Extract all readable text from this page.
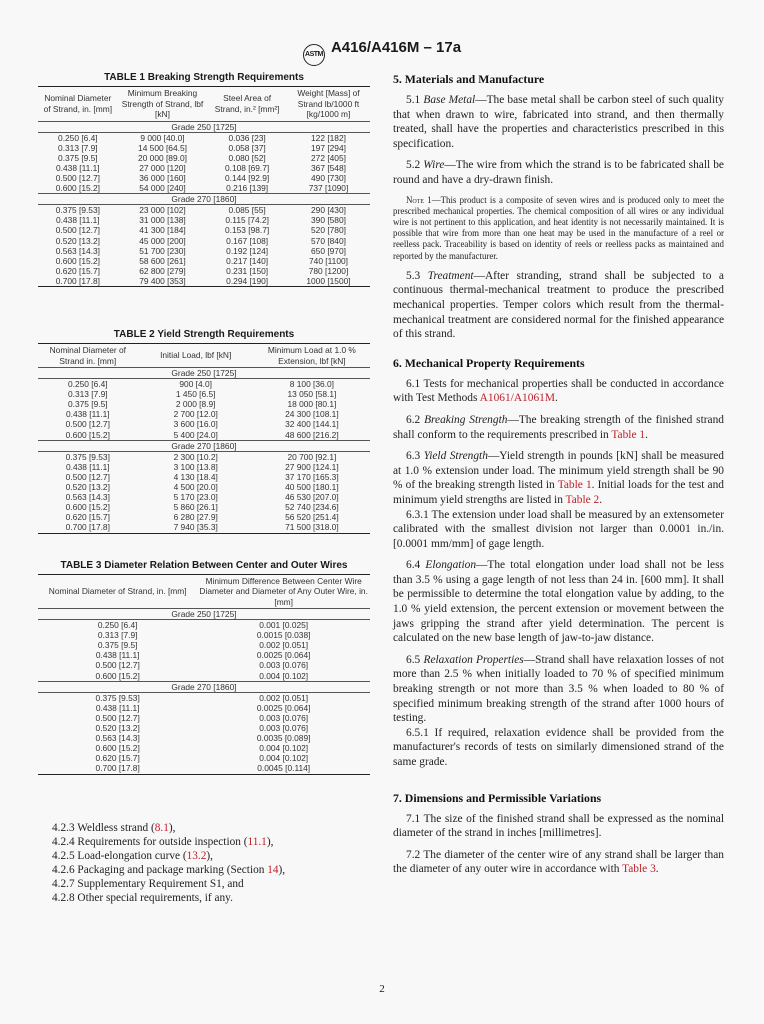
ASTM A416/A416M – 17a
TABLE 1 Breaking Strength Requirements
Nominal Diameter of Strand, in. [mm]	Minimum Breaking Strength of Strand, lbf [kN]	Steel Area of Strand, in.² [mm²]	Weight [Mass] of Strand lb/1000 ft [kg/1000 m]
Grade 250 [1725]			
0.250 [6.4]	9 000 [40.0]	0.036 [23]	122 [182]
0.313 [7.9]	14 500 [64.5]	0.058 [37]	197 [294]
0.375 [9.5]	20 000 [89.0]	0.080 [52]	272 [405]
0.438 [11.1]	27 000 [120]	0.108 [69.7]	367 [548]
0.500 [12.7]	36 000 [160]	0.144 [92.9]	490 [730]
0.600 [15.2]	54 000 [240]	0.216 [139]	737 [1090]
Grade 270 [1860]			
0.375 [9.53]	23 000 [102]	0.085 [55]	290 [430]
0.438 [11.1]	31 000 [138]	0.115 [74.2]	390 [580]
0.500 [12.7]	41 300 [184]	0.153 [98.7]	520 [780]
0.520 [13.2]	45 000 [200]	0.167 [108]	570 [840]
0.563 [14.3]	51 700 [230]	0.192 [124]	650 [970]
0.600 [15.2]	58 600 [261]	0.217 [140]	740 [1100]
0.620 [15.7]	62 800 [279]	0.231 [150]	780 [1200]
0.700 [17.8]	79 400 [353]	0.294 [190]	1000 [1500]
TABLE 2 Yield Strength Requirements
Nominal Diameter of Strand in. [mm]	Initial Load, lbf [kN]	Minimum Load at 1.0 % Extension, lbf [kN]
Grade 250 [1725]		
0.250 [6.4]	900 [4.0]	8 100 [36.0]
0.313 [7.9]	1 450 [6.5]	13 050 [58.1]
0.375 [9.5]	2 000 [8.9]	18 000 [80.1]
0.438 [11.1]	2 700 [12.0]	24 300 [108.1]
0.500 [12.7]	3 600 [16.0]	32 400 [144.1]
0.600 [15.2]	5 400 [24.0]	48 600 [216.2]
Grade 270 [1860]		
0.375 [9.53]	2 300 [10.2]	20 700 [92.1]
0.438 [11.1]	3 100 [13.8]	27 900 [124.1]
0.500 [12.7]	4 130 [18.4]	37 170 [165.3]
0.520 [13.2]	4 500 [20.0]	40 500 [180.1]
0.563 [14.3]	5 170 [23.0]	46 530 [207.0]
0.600 [15.2]	5 860 [26.1]	52 740 [234.6]
0.620 [15.7]	6 280 [27.9]	56 520 [251.4]
0.700 [17.8]	7 940 [35.3]	71 500 [318.0]
TABLE 3 Diameter Relation Between Center and Outer Wires
Nominal Diameter of Strand, in. [mm]	Minimum Difference Between Center Wire Diameter and Diameter of Any Outer Wire, in. [mm]
Grade 250 [1725]	
0.250 [6.4]	0.001 [0.025]
0.313 [7.9]	0.0015 [0.038]
0.375 [9.5]	0.002 [0.051]
0.438 [11.1]	0.0025 [0.064]
0.500 [12.7]	0.003 [0.076]
0.600 [15.2]	0.004 [0.102]
Grade 270 [1860]	
0.375 [9.53]	0.002 [0.051]
0.438 [11.1]	0.0025 [0.064]
0.500 [12.7]	0.003 [0.076]
0.520 [13.2]	0.003 [0.076]
0.563 [14.3]	0.0035 [0.089]
0.600 [15.2]	0.004 [0.102]
0.620 [15.7]	0.004 [0.102]
0.700 [17.8]	0.0045 [0.114]
4.2.3 Weldless strand (8.1),
4.2.4 Requirements for outside inspection (11.1),
4.2.5 Load-elongation curve (13.2),
4.2.6 Packaging and package marking (Section 14),
4.2.7 Supplementary Requirement S1, and
4.2.8 Other special requirements, if any.
5. Materials and Manufacture

5.1 Base Metal—The base metal shall be carbon steel of such quality that when drawn to wire, fabricated into strand, and then thermally treated, shall have the properties and characteristics prescribed in this specification.

5.2 Wire—The wire from which the strand is to be fabricated shall be round and have a dry-drawn finish.

Note 1—This product is a composite of seven wires and is produced only to meet the prescribed mechanical properties. The chemical composition of all wires or any individual wire is not pertinent to this application, and heat identity is not necessarily maintained. It is possible that wire from more than one heat may be used in the manufacture of a reel or reelless pack. Traceability is based on identity of reels or reelless packs as maintained and reported by the manufacturer.

5.3 Treatment—After stranding, strand shall be subjected to a continuous thermal-mechanical treatment to produce the prescribed mechanical properties. Temper colors which result from the thermal-mechanical treatment are considered normal for the finished appearance of this strand.

6. Mechanical Property Requirements

6.1 Tests for mechanical properties shall be conducted in accordance with Test Methods A1061/A1061M.

6.2 Breaking Strength—The breaking strength of the finished strand shall conform to the requirements prescribed in Table 1.

6.3 Yield Strength—Yield strength in pounds [kN] shall be measured at 1.0 % extension under load. The minimum yield strength shall be 90 % of the breaking strength listed in Table 1. Initial loads for the test and minimum yield strengths are listed in Table 2.

6.3.1 The extension under load shall be measured by an extensometer calibrated with the smallest division not larger than 0.0001 in./in. [0.0001 mm/mm] of gage length.

6.4 Elongation—The total elongation under load shall not be less than 3.5 % using a gage length of not less than 24 in. [600 mm]. It shall be permissible to determine the total elongation value by adding, to the 1.0 % yield extension, the percent extension or movement between the jaws gripping the strand after yield determination. The percent is calculated on the new base length of jaw-to-jaw distance.

6.5 Relaxation Properties—Strand shall have relaxation losses of not more than 2.5 % when initially loaded to 70 % of specified minimum breaking strength or not more than 3.5 % when loaded to 80 % of specified minimum breaking strength of the strand after 1000 hours of testing.

6.5.1 If required, relaxation evidence shall be provided from the manufacturer's records of tests on similarly dimensioned strand of the same grade.

7. Dimensions and Permissible Variations

7.1 The size of the finished strand shall be expressed as the nominal diameter of the strand in inches [millimetres].

7.2 The diameter of the center wire of any strand shall be larger than the diameter of any outer wire in accordance with Table 3.

2
